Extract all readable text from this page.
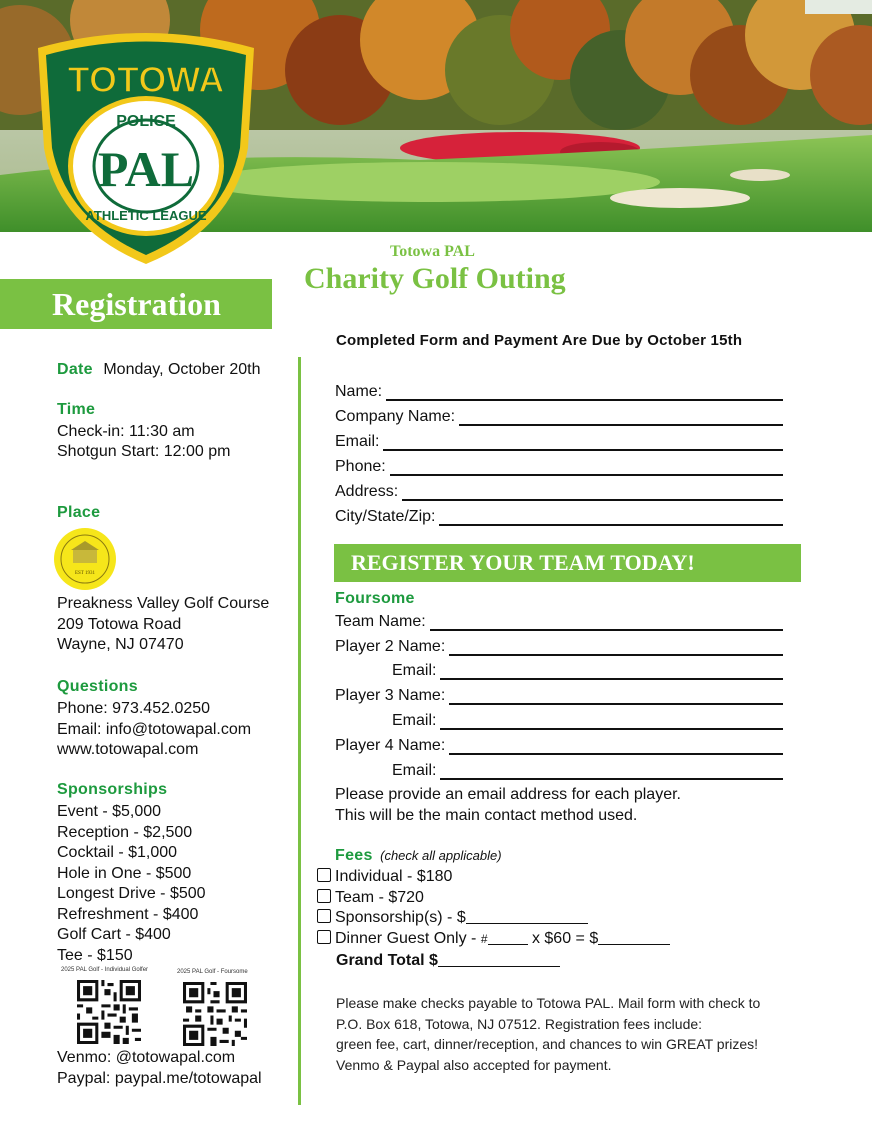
TOTOWA
POLICE
PAL
ATHLETIC LEAGUE
Totowa PAL
Charity Golf Outing
Registration
Completed Form and Payment Are Due by October 15th
Date Monday, October 20th
Time
Check-in: 11:30 am
Shotgun Start: 12:00 pm
Place
EST 1931
Preakness Valley Golf Course
209 Totowa Road
Wayne, NJ 07470
Questions
Phone: 973.452.0250
Email: info@totowapal.com
www.totowapal.com
Sponsorships
Event - $5,000
Reception - $2,500
Cocktail - $1,000
Hole in One - $500
Longest Drive - $500
Refreshment - $400
Golf Cart - $400
Tee - $150
2025 PAL Golf - Individual Golfer	2025 PAL Golf - Foursome
Venmo: @totowapal.com
Paypal: paypal.me/totowapal
Name:
Company Name:
Email:
Phone:
Address:
City/State/Zip:
REGISTER YOUR TEAM TODAY!
Foursome
Team Name:
Player 2 Name:
Email:
Player 3 Name:
Email:
Player 4 Name:
Email:
Please provide an email address for each player.
This will be the main contact method used.
Fees (check all applicable)
Individual - $180
Team - $720
Sponsorship(s) - $
Dinner Guest Only - #	x $60 = $
Grand Total $
Please make checks payable to Totowa PAL. Mail form with check to
P.O. Box 618, Totowa, NJ 07512. Registration fees include:
green fee, cart, dinner/reception, and chances to win GREAT prizes!
Venmo & Paypal also accepted for payment.
